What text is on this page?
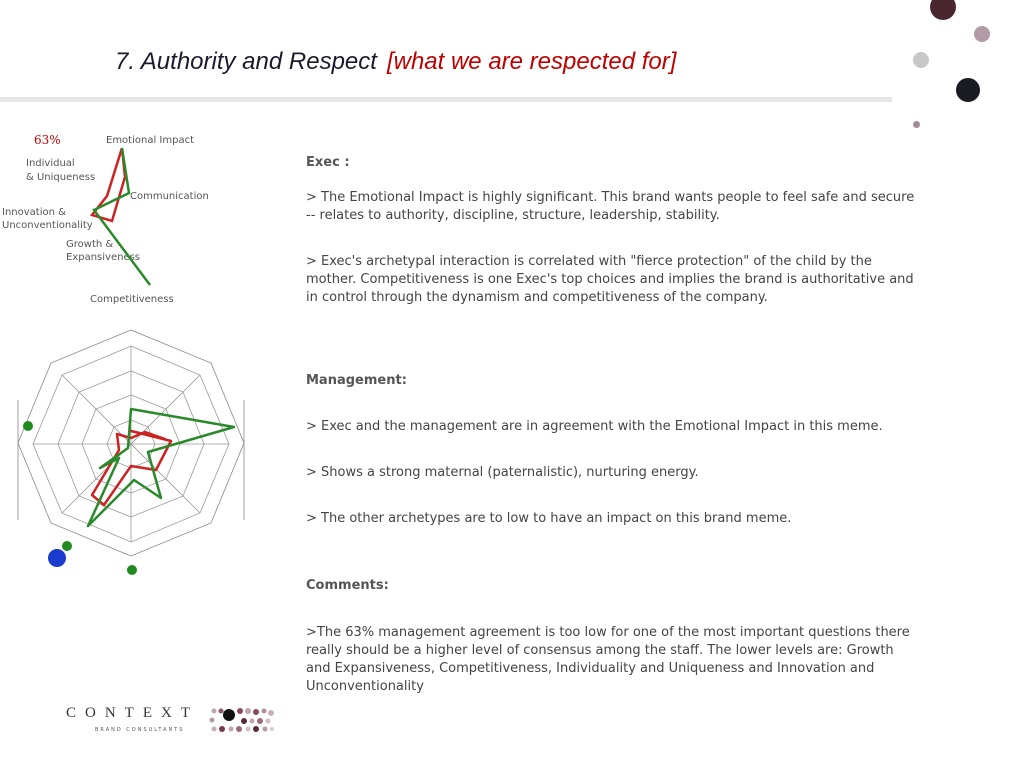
7. Authority and Respect [what we are respected for]
63%	Emotional Impact
Individual
& Uniqueness
Communication
Innovation &
Unconventionality
Growth &
Expansiveness
Competitiveness
Exec :
> The Emotional Impact is highly significant. This brand wants people to feel safe and secure -- relates to authority, discipline, structure, leadership, stability.
> Exec's archetypal interaction is correlated with "fierce protection" of the child by the mother. Competitiveness is one Exec's top choices and implies the brand is authoritative and in control through the dynamism and competitiveness of the company.
Management:
> Exec and the management are in agreement with the Emotional Impact in this meme.
> Shows a strong maternal (paternalistic), nurturing energy.
> The other archetypes are to low to have an impact on this brand meme.
Comments:
>The 63% management agreement is too low for one of the most important questions there really should be a higher level of consensus among the staff. The lower levels are: Growth and Expansiveness, Competitiveness, Individuality and Uniqueness and Innovation and Unconventionality
CONTEXT
BRAND CONSULTANTS
